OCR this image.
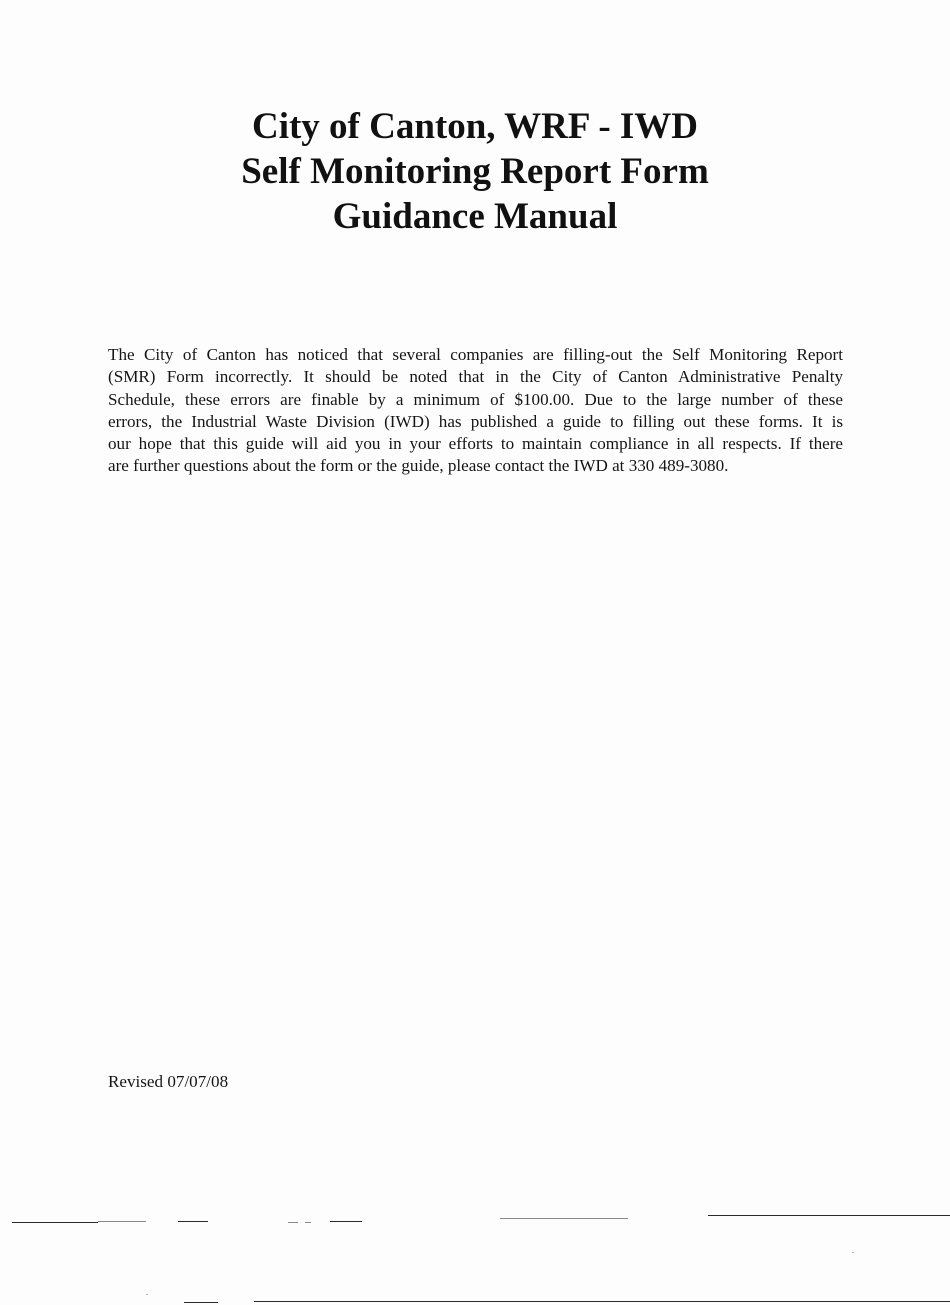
City of Canton, WRF - IWD
Self Monitoring Report Form
Guidance Manual
The City of Canton has noticed that several companies are filling-out the Self Monitoring Report
(SMR) Form incorrectly. It should be noted that in the City of Canton Administrative Penalty
Schedule, these errors are finable by a minimum of $100.00. Due to the large number of these
errors, the Industrial Waste Division (IWD) has published a guide to filling out these forms. It is
our hope that this guide will aid you in your efforts to maintain compliance in all respects. If there
are further questions about the form or the guide, please contact the IWD at 330 489-3080.
Revised 07/07/08
